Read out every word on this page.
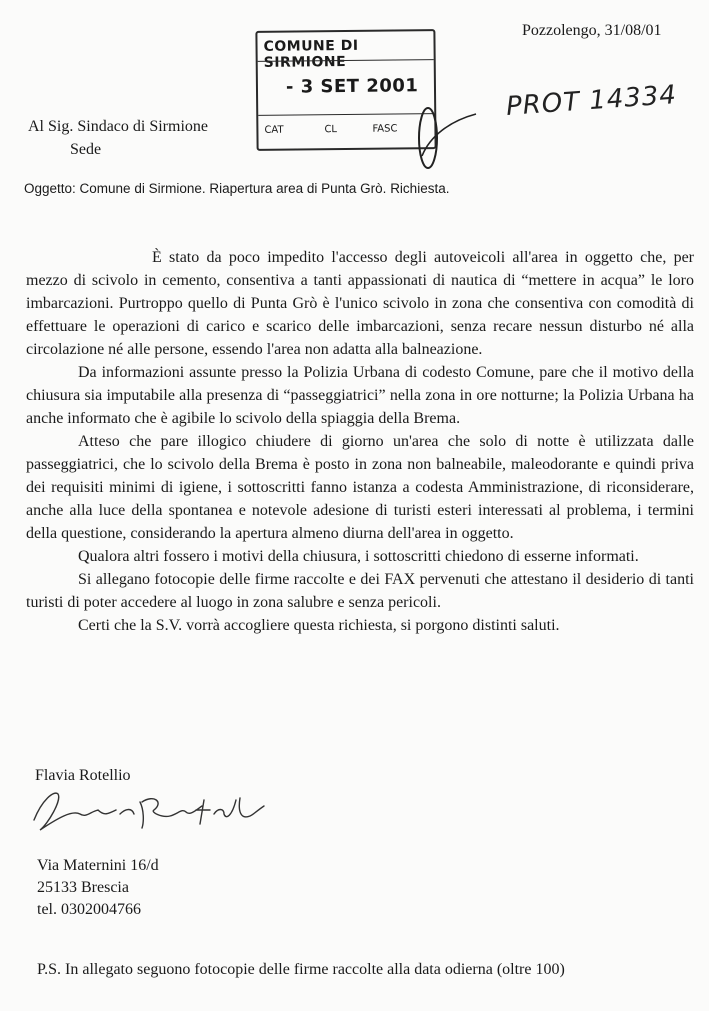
Pozzolengo, 31/08/01
COMUNE DI SIRMIONE
- 3 SET 2001
CAT	CL	FASC
PROT 14334
Al Sig. Sindaco di Sirmione
Sede
Oggetto: Comune di Sirmione. Riapertura area di Punta Grò. Richiesta.

È stato da poco impedito l'accesso degli autoveicoli all'area in oggetto che, per mezzo di scivolo in cemento, consentiva a tanti appassionati di nautica di “mettere in acqua” le loro imbarcazioni. Purtroppo quello di Punta Grò è l'unico scivolo in zona che consentiva con comodità di effettuare le operazioni di carico e scarico delle imbarcazioni, senza recare nessun disturbo né alla circolazione né alle persone, essendo l'area non adatta alla balneazione.

Da informazioni assunte presso la Polizia Urbana di codesto Comune, pare che il motivo della chiusura sia imputabile alla presenza di “passeggiatrici” nella zona in ore notturne; la Polizia Urbana ha anche informato che è agibile lo scivolo della spiaggia della Brema.

Atteso che pare illogico chiudere di giorno un'area che solo di notte è utilizzata dalle passeggiatrici, che lo scivolo della Brema è posto in zona non balneabile, maleodorante e quindi priva dei requisiti minimi di igiene, i sottoscritti fanno istanza a codesta Amministrazione, di riconsiderare, anche alla luce della spontanea e notevole adesione di turisti esteri interessati al problema, i termini della questione, considerando la apertura almeno diurna dell'area in oggetto.

Qualora altri fossero i motivi della chiusura, i sottoscritti chiedono di esserne informati.

Si allegano fotocopie delle firme raccolte e dei FAX pervenuti che attestano il desiderio di tanti turisti di poter accedere al luogo in zona salubre e senza pericoli.

Certi che la S.V. vorrà accogliere questa richiesta, si porgono distinti saluti.

Flavia Rotellio
Via Maternini 16/d
25133 Brescia
tel. 0302004766
P.S. In allegato seguono fotocopie delle firme raccolte alla data odierna (oltre 100)
